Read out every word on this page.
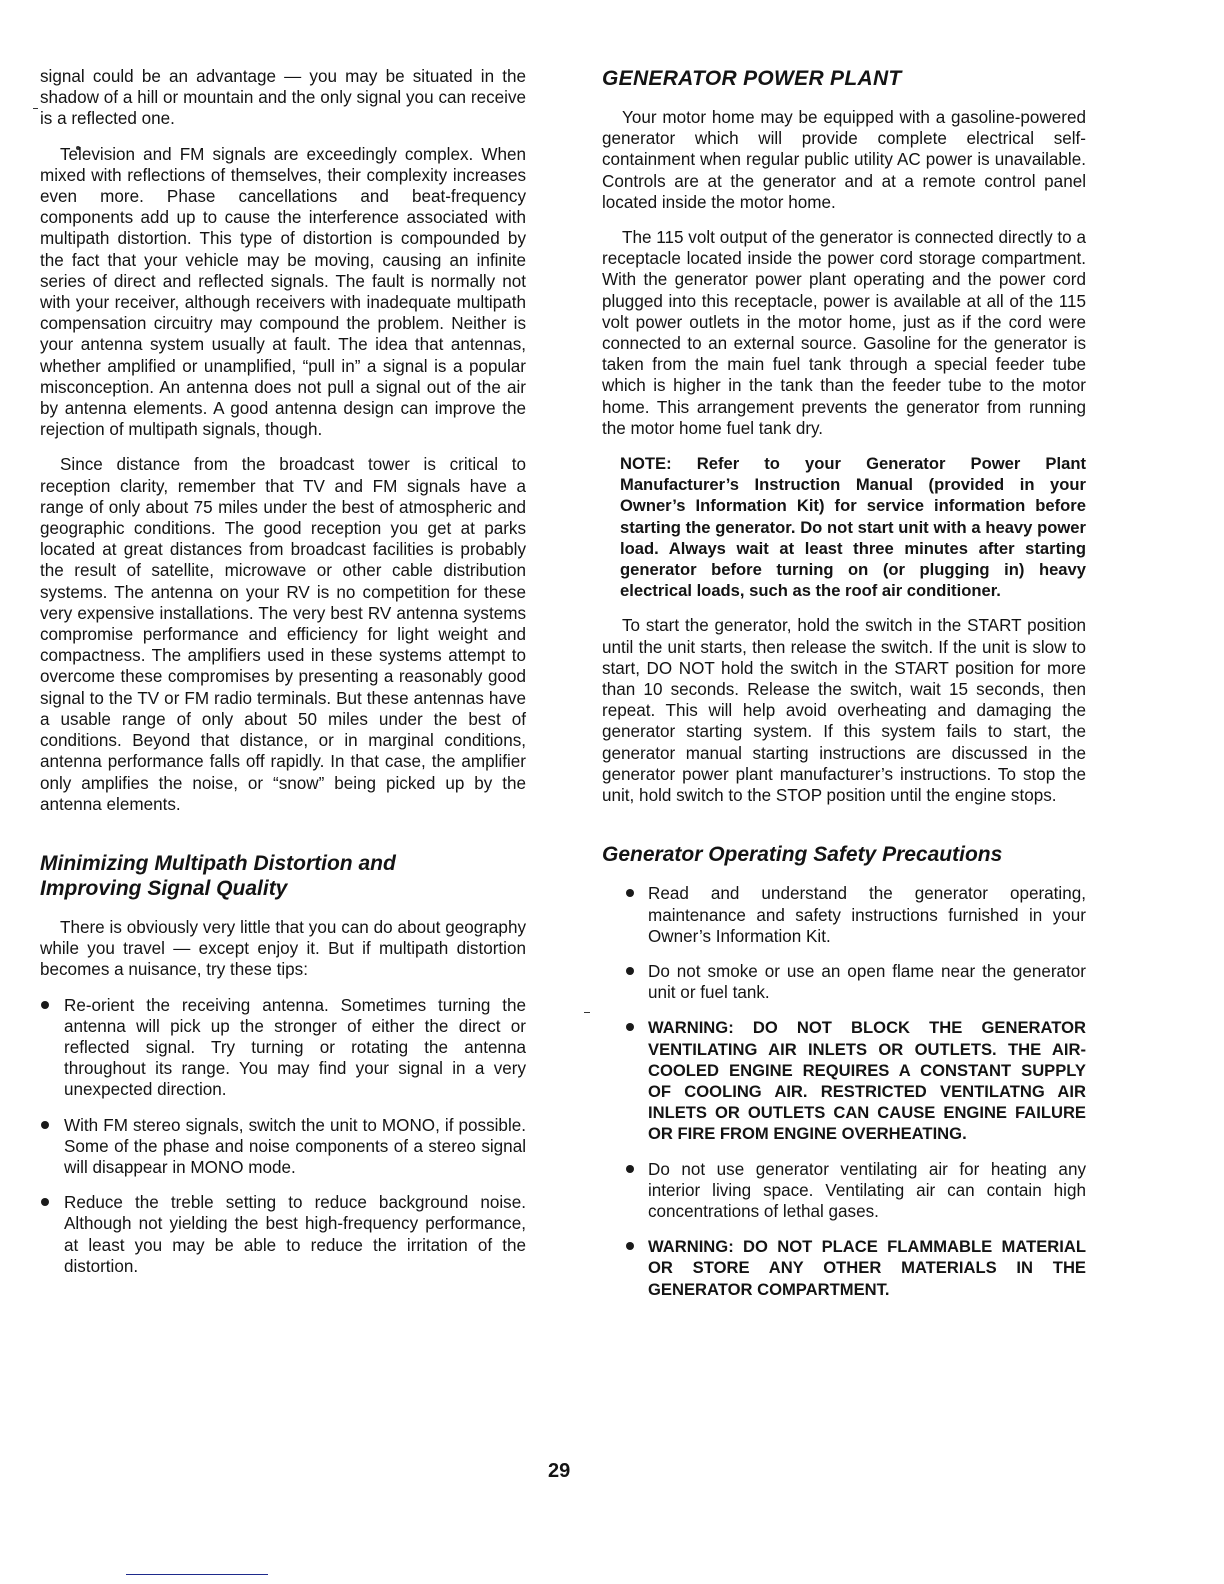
signal could be an advantage — you may be situated in the shadow of a hill or mountain and the only signal you can receive is a reflected one.

Television and FM signals are exceedingly complex. When mixed with reflections of themselves, their complexity increases even more. Phase cancellations and beat-frequency components add up to cause the interference associated with multipath distortion. This type of distortion is compounded by the fact that your vehicle may be moving, causing an infinite series of direct and reflected signals. The fault is normally not with your receiver, although receivers with inadequate multipath compensation circuitry may compound the problem. Neither is your antenna system usually at fault. The idea that antennas, whether amplified or unamplified, “pull in” a signal is a popular misconception. An antenna does not pull a signal out of the air by antenna elements. A good antenna design can improve the rejection of multipath signals, though.

Since distance from the broadcast tower is critical to reception clarity, remember that TV and FM signals have a range of only about 75 miles under the best of atmospheric and geographic conditions. The good reception you get at parks located at great distances from broadcast facilities is probably the result of satellite, microwave or other cable distribution systems. The antenna on your RV is no competition for these very expensive installations. The very best RV antenna systems compromise performance and efficiency for light weight and compactness. The amplifiers used in these systems attempt to overcome these compromises by presenting a reasonably good signal to the TV or FM radio terminals. But these antennas have a usable range of only about 50 miles under the best of conditions. Beyond that distance, or in marginal conditions, antenna performance falls off rapidly. In that case, the amplifier only amplifies the noise, or “snow” being picked up by the antenna elements.

Minimizing Multipath Distortion and
Improving Signal Quality

There is obviously very little that you can do about geography while you travel — except enjoy it. But if multipath distortion becomes a nuisance, try these tips:

Re-orient the receiving antenna. Sometimes turning the antenna will pick up the stronger of either the direct or reflected signal. Try turning or rotating the antenna throughout its range. You may find your signal in a very unexpected direction.
With FM stereo signals, switch the unit to MONO, if possible. Some of the phase and noise components of a stereo signal will disappear in MONO mode.
Reduce the treble setting to reduce background noise. Although not yielding the best high-frequency performance, at least you may be able to reduce the irritation of the distortion.
GENERATOR POWER PLANT

Your motor home may be equipped with a gasoline-powered generator which will provide complete electrical self-containment when regular public utility AC power is unavailable. Controls are at the generator and at a remote control panel located inside the motor home.

The 115 volt output of the generator is connected directly to a receptacle located inside the power cord storage compartment. With the generator power plant operating and the power cord plugged into this receptacle, power is available at all of the 115 volt power outlets in the motor home, just as if the cord were connected to an external source. Gasoline for the generator is taken from the main fuel tank through a special feeder tube which is higher in the tank than the feeder tube to the motor home. This arrangement prevents the generator from running the motor home fuel tank dry.

NOTE: Refer to your Generator Power Plant Manufacturer’s Instruction Manual (provided in your Owner’s Information Kit) for service information before starting the generator. Do not start unit with a heavy power load. Always wait at least three minutes after starting generator before turning on (or plugging in) heavy electrical loads, such as the roof air conditioner.

To start the generator, hold the switch in the START position until the unit starts, then release the switch. If the unit is slow to start, DO NOT hold the switch in the START position for more than 10 seconds. Release the switch, wait 15 seconds, then repeat. This will help avoid overheating and damaging the generator starting system. If this system fails to start, the generator manual starting instructions are discussed in the generator power plant manufacturer’s instructions. To stop the unit, hold switch to the STOP position until the engine stops.

Generator Operating Safety Precautions
Read and understand the generator operating, maintenance and safety instructions furnished in your Owner’s Information Kit.
Do not smoke or use an open flame near the generator unit or fuel tank.
WARNING: DO NOT BLOCK THE GENERATOR VENTILATING AIR INLETS OR OUTLETS. THE AIR-COOLED ENGINE REQUIRES A CONSTANT SUPPLY OF COOLING AIR. RESTRICTED VENTILATNG AIR INLETS OR OUTLETS CAN CAUSE ENGINE FAILURE OR FIRE FROM ENGINE OVERHEATING.
Do not use generator ventilating air for heating any interior living space. Ventilating air can contain high concentrations of lethal gases.
WARNING: DO NOT PLACE FLAMMABLE MATERIAL OR STORE ANY OTHER MATERIALS IN THE GENERATOR COMPARTMENT.
29
